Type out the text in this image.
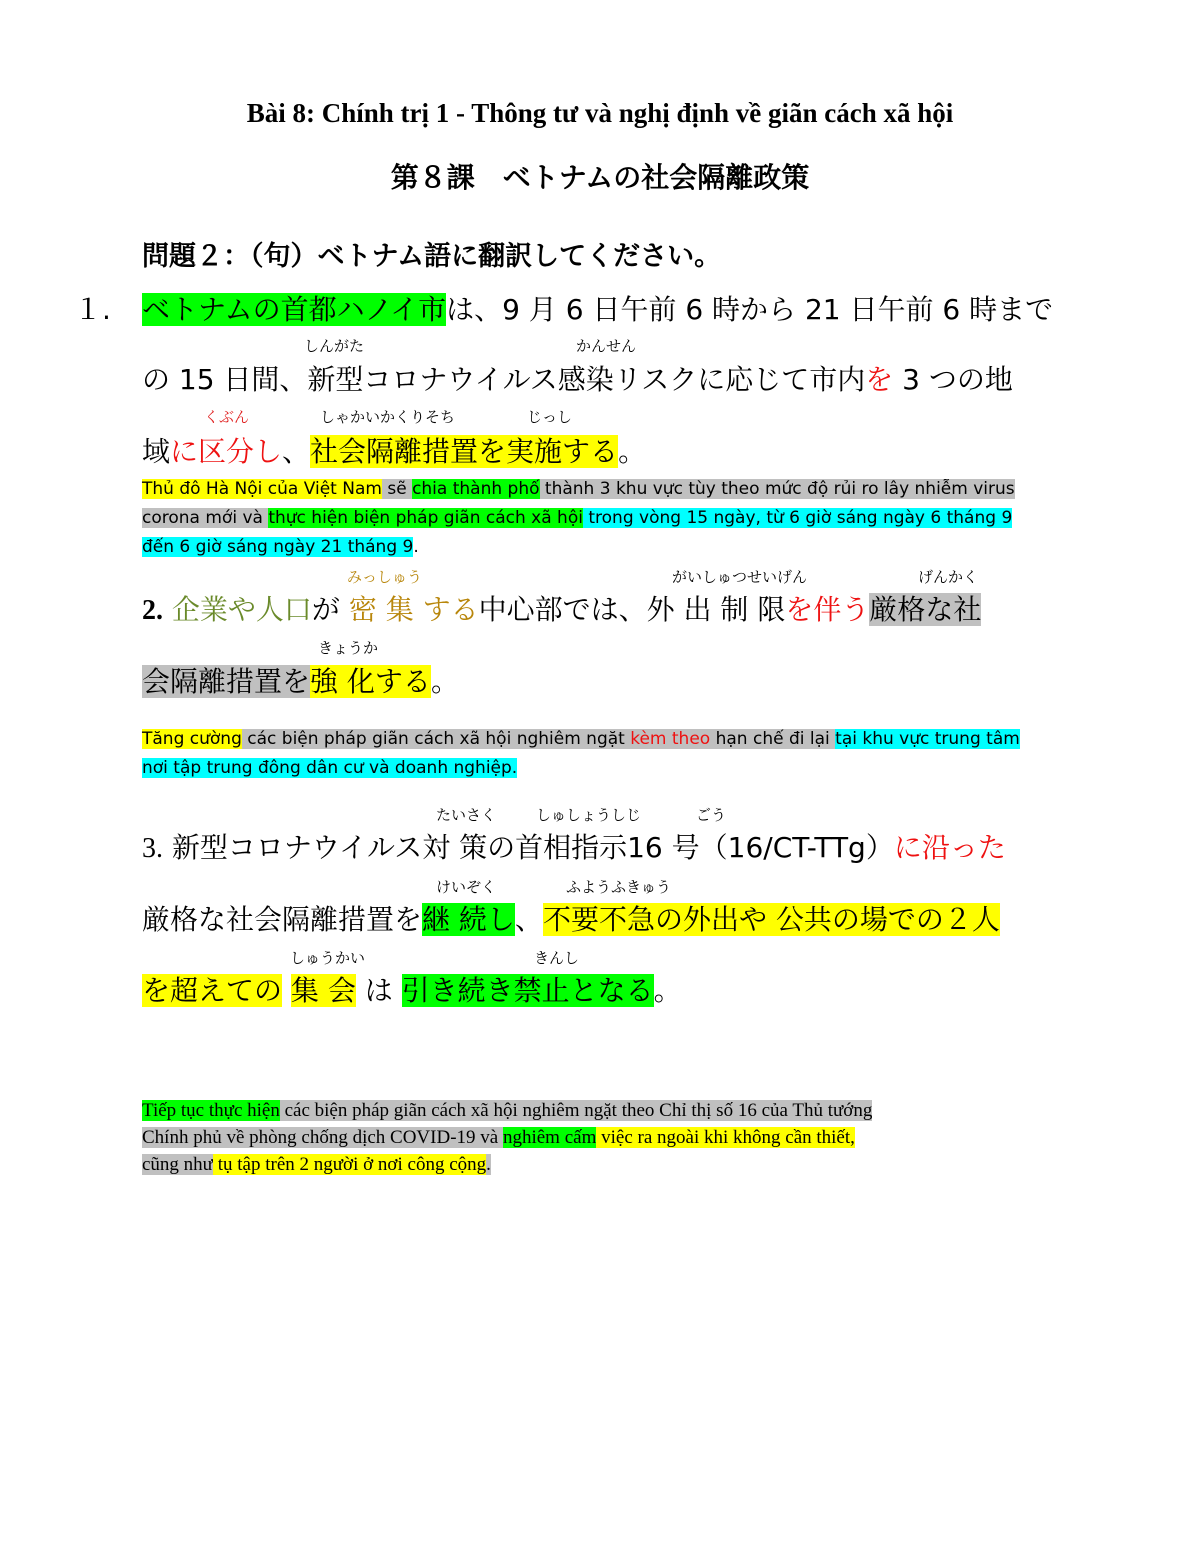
Bài 8: Chính trị 1 - Thông tư và nghị định về giãn cách xã hội
第８課　ベトナムの社会隔離政策
問題２：（句）ベトナム語に翻訳してください。
１. ベトナムの首都ハノイ市は、9 月 6 日午前 6 時から 21 日午前 6 時まで
しんがた	かんせん
の 15 日間、新型コロナウイルス感染リスクに応じて市内を 3 つの地
くぶん	しゃかいかくりそち	じっし
域に区分し、社会隔離措置を実施する。
Thủ đô Hà Nội của Việt Nam sẽ chia thành phố thành 3 khu vực tùy theo mức độ rủi ro lây nhiễm virus
corona mới và thực hiện biện pháp giãn cách xã hội trong vòng 15 ngày, từ 6 giờ sáng ngày 6 tháng 9
đến 6 giờ sáng ngày 21 tháng 9.
みっしゅう	がいしゅつせいげん	げんかく
2. 企業や人口が 密 集 する中心部では、外 出 制 限を伴う厳格な社
きょうか
会隔離措置を強 化する。
Tăng cường các biện pháp giãn cách xã hội nghiêm ngặt kèm theo hạn chế đi lại tại khu vực trung tâm
nơi tập trung đông dân cư và doanh nghiệp.
たいさく	しゅしょうしじ	ごう
3. 新型コロナウイルス対 策の首相指示16 号（16/CT-TTg）に沿った
けいぞく	ふようふきゅう
厳格な社会隔離措置を継 続し、不要不急の外出や 公共の場での２人
しゅうかい	きんし
を超えての 集 会 は 引き続き禁止となる。
Tiếp tục thực hiện các biện pháp giãn cách xã hội nghiêm ngặt theo Chỉ thị số 16 của Thủ tướng
Chính phủ về phòng chống dịch COVID-19 và nghiêm cấm việc ra ngoài khi không cần thiết,
cũng như tụ tập trên 2 người ở nơi công cộng.
